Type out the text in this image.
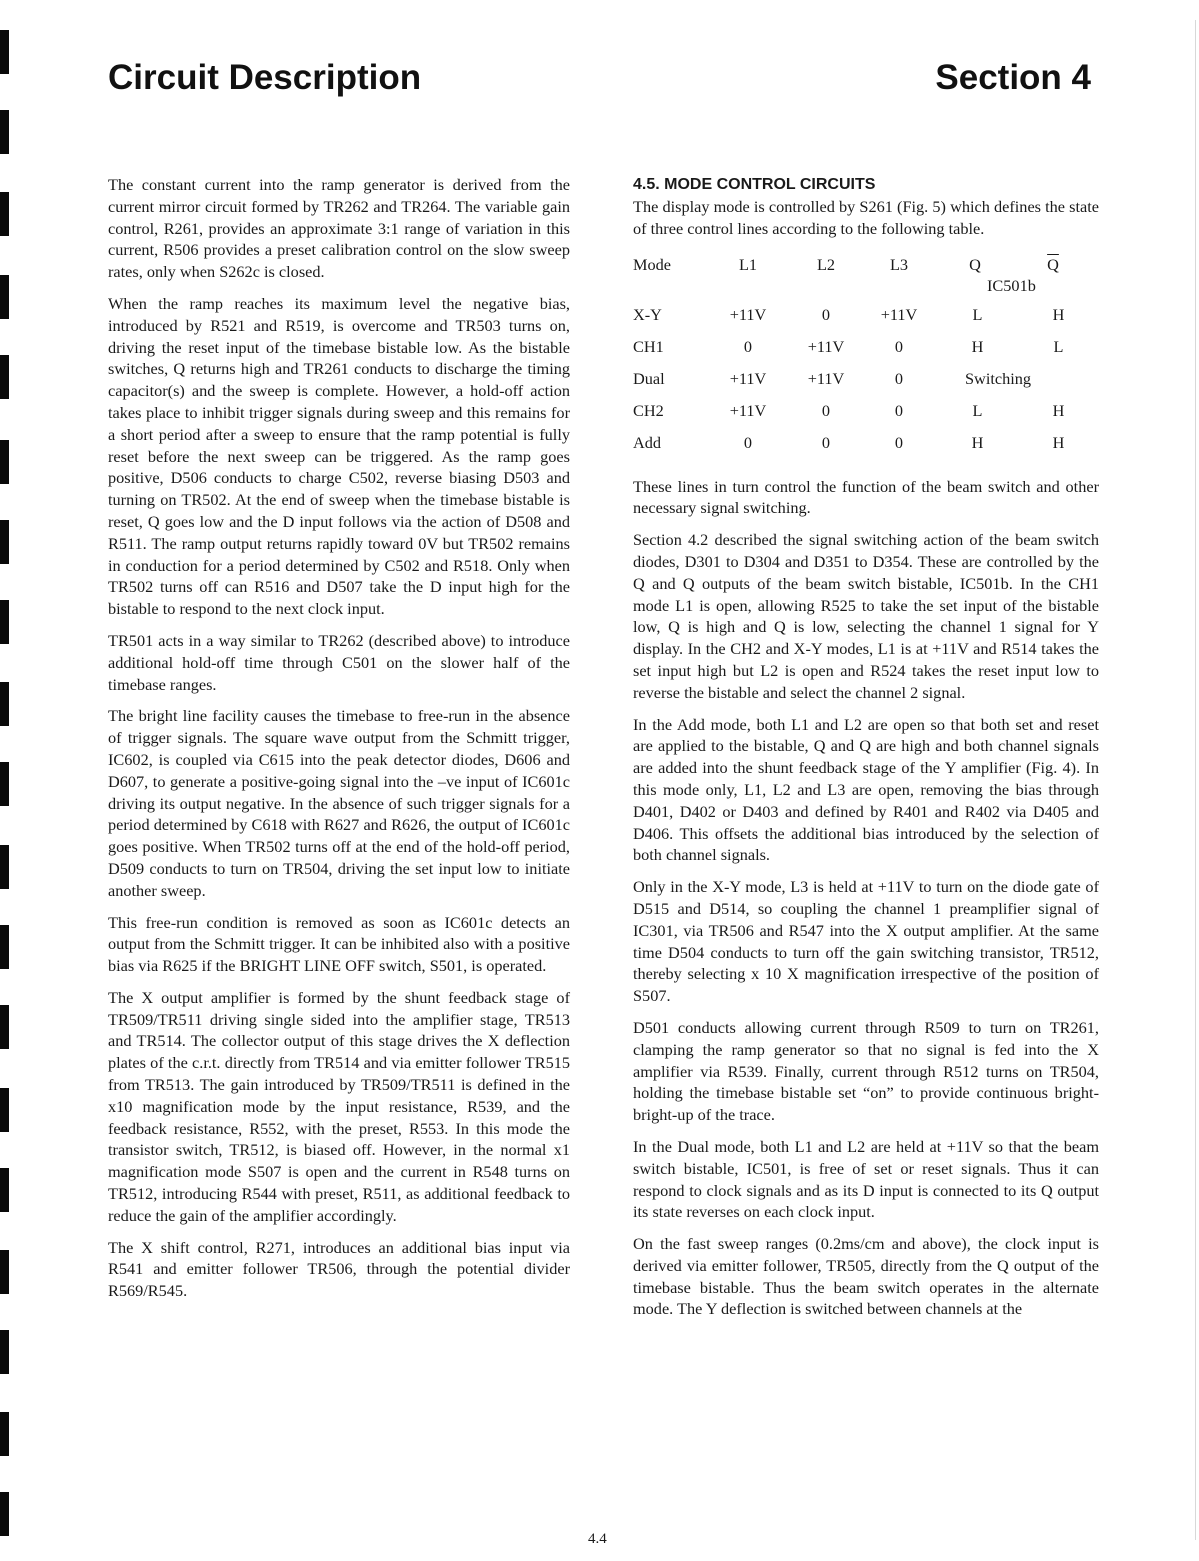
Circuit Description	Section 4

The constant current into the ramp generator is derived from the current mirror circuit formed by TR262 and TR264. The variable gain control, R261, provides an approximate 3:1 range of variation in this current, R506 provides a preset calibration control on the slow sweep rates, only when S262c is closed.

When the ramp reaches its maximum level the negative bias, introduced by R521 and R519, is overcome and TR503 turns on, driving the reset input of the timebase bistable low. As the bistable switches, Q returns high and TR261 conducts to discharge the timing capacitor(s) and the sweep is complete. However, a hold-off action takes place to inhibit trigger signals during sweep and this remains for a short period after a sweep to ensure that the ramp potential is fully reset before the next sweep can be triggered. As the ramp goes positive, D506 conducts to charge C502, reverse biasing D503 and turning on TR502. At the end of sweep when the timebase bistable is reset, Q goes low and the D input follows via the action of D508 and R511. The ramp output returns rapidly toward 0V but TR502 remains in conduction for a period determined by C502 and R518. Only when TR502 turns off can R516 and D507 take the D input high for the bistable to respond to the next clock input.

TR501 acts in a way similar to TR262 (described above) to introduce additional hold-off time through C501 on the slower half of the timebase ranges.

The bright line facility causes the timebase to free-run in the absence of trigger signals. The square wave output from the Schmitt trigger, IC602, is coupled via C615 into the peak detector diodes, D606 and D607, to generate a positive-going signal into the –ve input of IC601c driving its output negative. In the absence of such trigger signals for a period determined by C618 with R627 and R626, the output of IC601c goes positive. When TR502 turns off at the end of the hold-off period, D509 conducts to turn on TR504, driving the set input low to initiate another sweep.

This free-run condition is removed as soon as IC601c detects an output from the Schmitt trigger. It can be inhibited also with a positive bias via R625 if the BRIGHT LINE OFF switch, S501, is operated.

The X output amplifier is formed by the shunt feedback stage of TR509/TR511 driving single sided into the amplifier stage, TR513 and TR514. The collector output of this stage drives the X deflection plates of the c.r.t. directly from TR514 and via emitter follower TR515 from TR513. The gain introduced by TR509/TR511 is defined in the x10 magnification mode by the input resistance, R539, and the feedback resistance, R552, with the preset, R553. In this mode the transistor switch, TR512, is biased off. However, in the normal x1 magnification mode S507 is open and the current in R548 turns on TR512, introducing R544 with preset, R511, as additional feedback to reduce the gain of the amplifier accordingly.

The X shift control, R271, introduces an additional bias input via R541 and emitter follower TR506, through the potential divider R569/R545.

4.5. MODE CONTROL CIRCUITS

The display mode is controlled by S261 (Fig. 5) which defines the state of three control lines according to the following table.

Mode	L1	L2	L3	Q $\overline{Q}$
IC501b	

X-Y	+11V	0	+11V	L	H
CH1	0	+11V	0	H	L
Dual	+11V	+11V	0	Switching	
CH2	+11V	0	0	L	H
Add	0	0	0	H	H

These lines in turn control the function of the beam switch and other necessary signal switching.

Section 4.2 described the signal switching action of the beam switch diodes, D301 to D304 and D351 to D354. These are controlled by the Q and Q outputs of the beam switch bistable, IC501b. In the CH1 mode L1 is open, allowing R525 to take the set input of the bistable low, Q is high and Q is low, selecting the channel 1 signal for Y display. In the CH2 and X-Y modes, L1 is at +11V and R514 takes the set input high but L2 is open and R524 takes the reset input low to reverse the bistable and select the channel 2 signal.

In the Add mode, both L1 and L2 are open so that both set and reset are applied to the bistable, Q and Q are high and both channel signals are added into the shunt feedback stage of the Y amplifier (Fig. 4). In this mode only, L1, L2 and L3 are open, removing the bias through D401, D402 or D403 and defined by R401 and R402 via D405 and D406. This offsets the additional bias introduced by the selection of both channel signals.

Only in the X-Y mode, L3 is held at +11V to turn on the diode gate of D515 and D514, so coupling the channel 1 preamplifier signal of IC301, via TR506 and R547 into the X output amplifier. At the same time D504 conducts to turn off the gain switching transistor, TR512, thereby selecting x 10 X magnification irrespective of the position of S507.

D501 conducts allowing current through R509 to turn on TR261, clamping the ramp generator so that no signal is fed into the X amplifier via R539. Finally, current through R512 turns on TR504, holding the timebase bistable set “on” to provide continuous bright-bright-up of the trace.

In the Dual mode, both L1 and L2 are held at +11V so that the beam switch bistable, IC501, is free of set or reset signals. Thus it can respond to clock signals and as its D input is connected to its Q output its state reverses on each clock input.

On the fast sweep ranges (0.2ms/cm and above), the clock input is derived via emitter follower, TR505, directly from the Q output of the timebase bistable. Thus the beam switch operates in the alternate mode. The Y deflection is switched between channels at the

4.4
